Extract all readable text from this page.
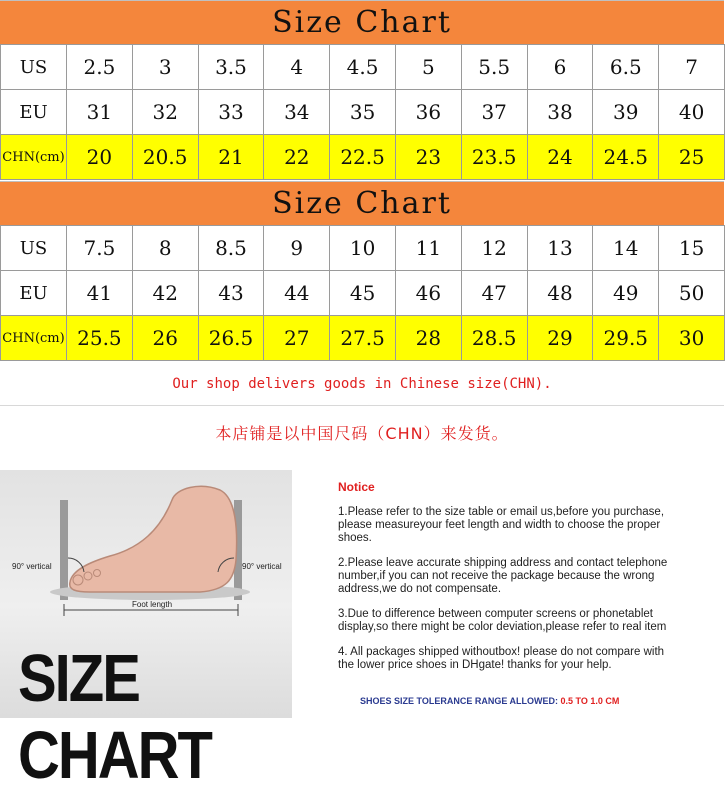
Size Chart
US	2.5	3	3.5	4	4.5	5	5.5	6	6.5	7
EU	31	32	33	34	35	36	37	38	39	40
CHN(cm)	20	20.5	21	22	22.5	23	23.5	24	24.5	25
Size Chart
US	7.5	8	8.5	9	10	11	12	13	14	15
EU	41	42	43	44	45	46	47	48	49	50
CHN(cm)	25.5	26	26.5	27	27.5	28	28.5	29	29.5	30
Our shop delivers goods in Chinese size(CHN).
本店铺是以中国尺码（CHN）来发货。
90° vertical	90° vertical
Foot length
SIZE CHART
Notice
1.Please refer to the size table or email us,before you purchase,
please measureyour feet length and width to choose the proper
shoes.
2.Please leave accurate shipping address and contact telephone
number,if you can not receive the package because the wrong
address,we do not compensate.
3.Due to difference between computer screens or phonetablet
display,so there might be color deviation,please refer to real item
4. All packages shipped withoutbox! please do not compare with
the lower price shoes in DHgate! thanks for your help.
SHOES SIZE TOLERANCE RANGE ALLOWED: 0.5 TO 1.0 CM
